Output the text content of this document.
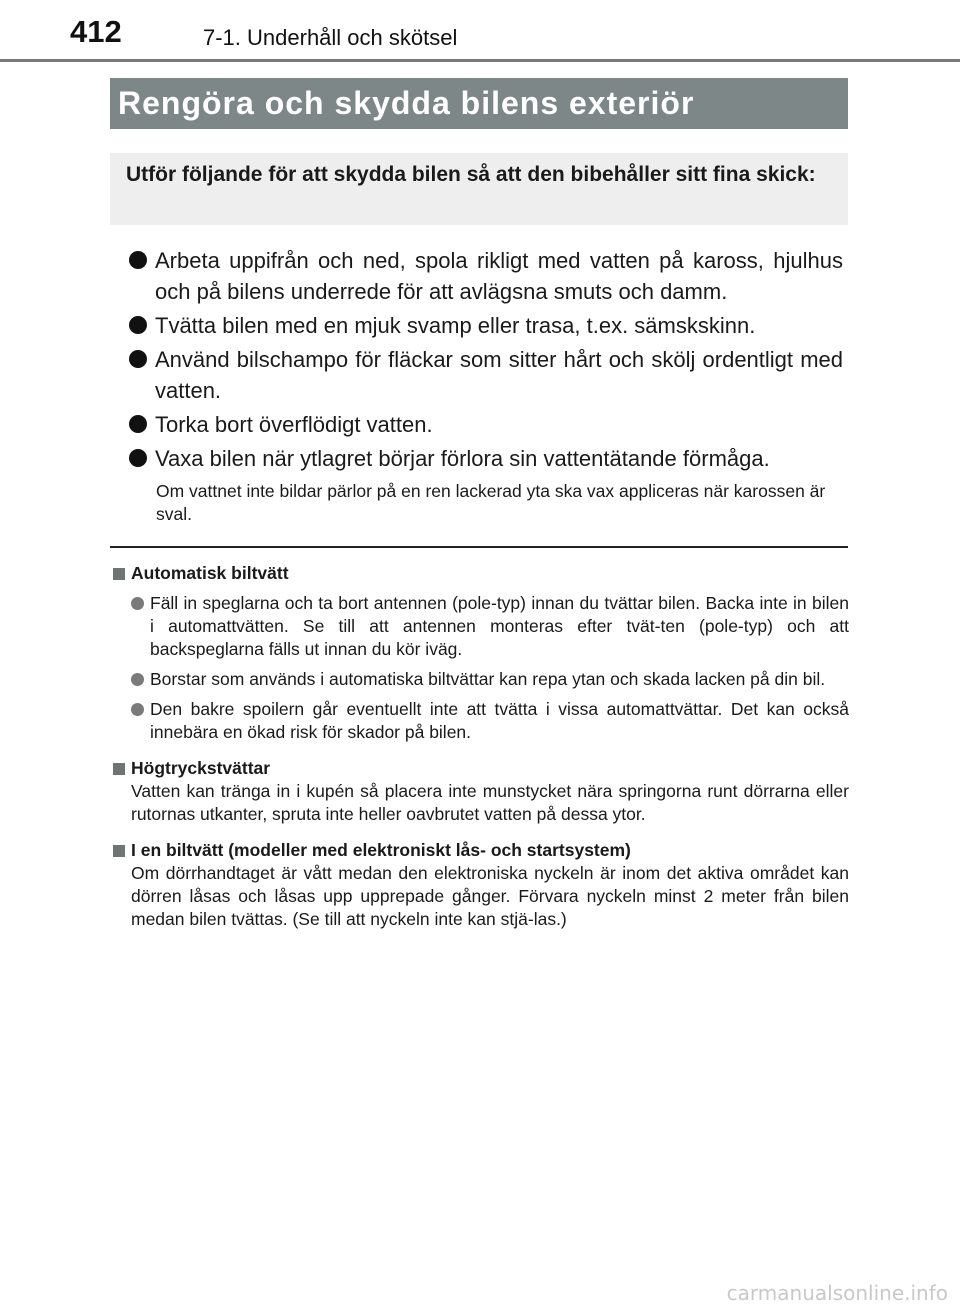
412	7-1. Underhåll och skötsel
Rengöra och skydda bilens exteriör
Utför följande för att skydda bilen så att den bibehåller sitt fina skick:
Arbeta uppifrån och ned, spola rikligt med vatten på kaross, hjulhus och på bilens underrede för att avlägsna smuts och damm.
Tvätta bilen med en mjuk svamp eller trasa, t.ex. sämskskinn.
Använd bilschampo för fläckar som sitter hårt och skölj ordentligt med vatten.
Torka bort överflödigt vatten.
Vaxa bilen när ytlagret börjar förlora sin vattentätande förmåga.
Om vattnet inte bildar pärlor på en ren lackerad yta ska vax appliceras när karossen är sval.
Automatisk biltvätt
Fäll in speglarna och ta bort antennen (pole-typ) innan du tvättar bilen. Backa inte in bilen i automattvätten. Se till att antennen monteras efter tvät-ten (pole-typ) och att backspeglarna fälls ut innan du kör iväg.
Borstar som används i automatiska biltvättar kan repa ytan och skada lacken på din bil.
Den bakre spoilern går eventuellt inte att tvätta i vissa automattvättar. Det kan också innebära en ökad risk för skador på bilen.
Högtryckstvättar
Vatten kan tränga in i kupén så placera inte munstycket nära springorna runt dörrarna eller rutornas utkanter, spruta inte heller oavbrutet vatten på dessa ytor.
I en biltvätt (modeller med elektroniskt lås- och startsystem)
Om dörrhandtaget är vått medan den elektroniska nyckeln är inom det aktiva området kan dörren låsas och låsas upp upprepade gånger. Förvara nyckeln minst 2 meter från bilen medan bilen tvättas. (Se till att nyckeln inte kan stjä-las.)
carmanualsonline.info
